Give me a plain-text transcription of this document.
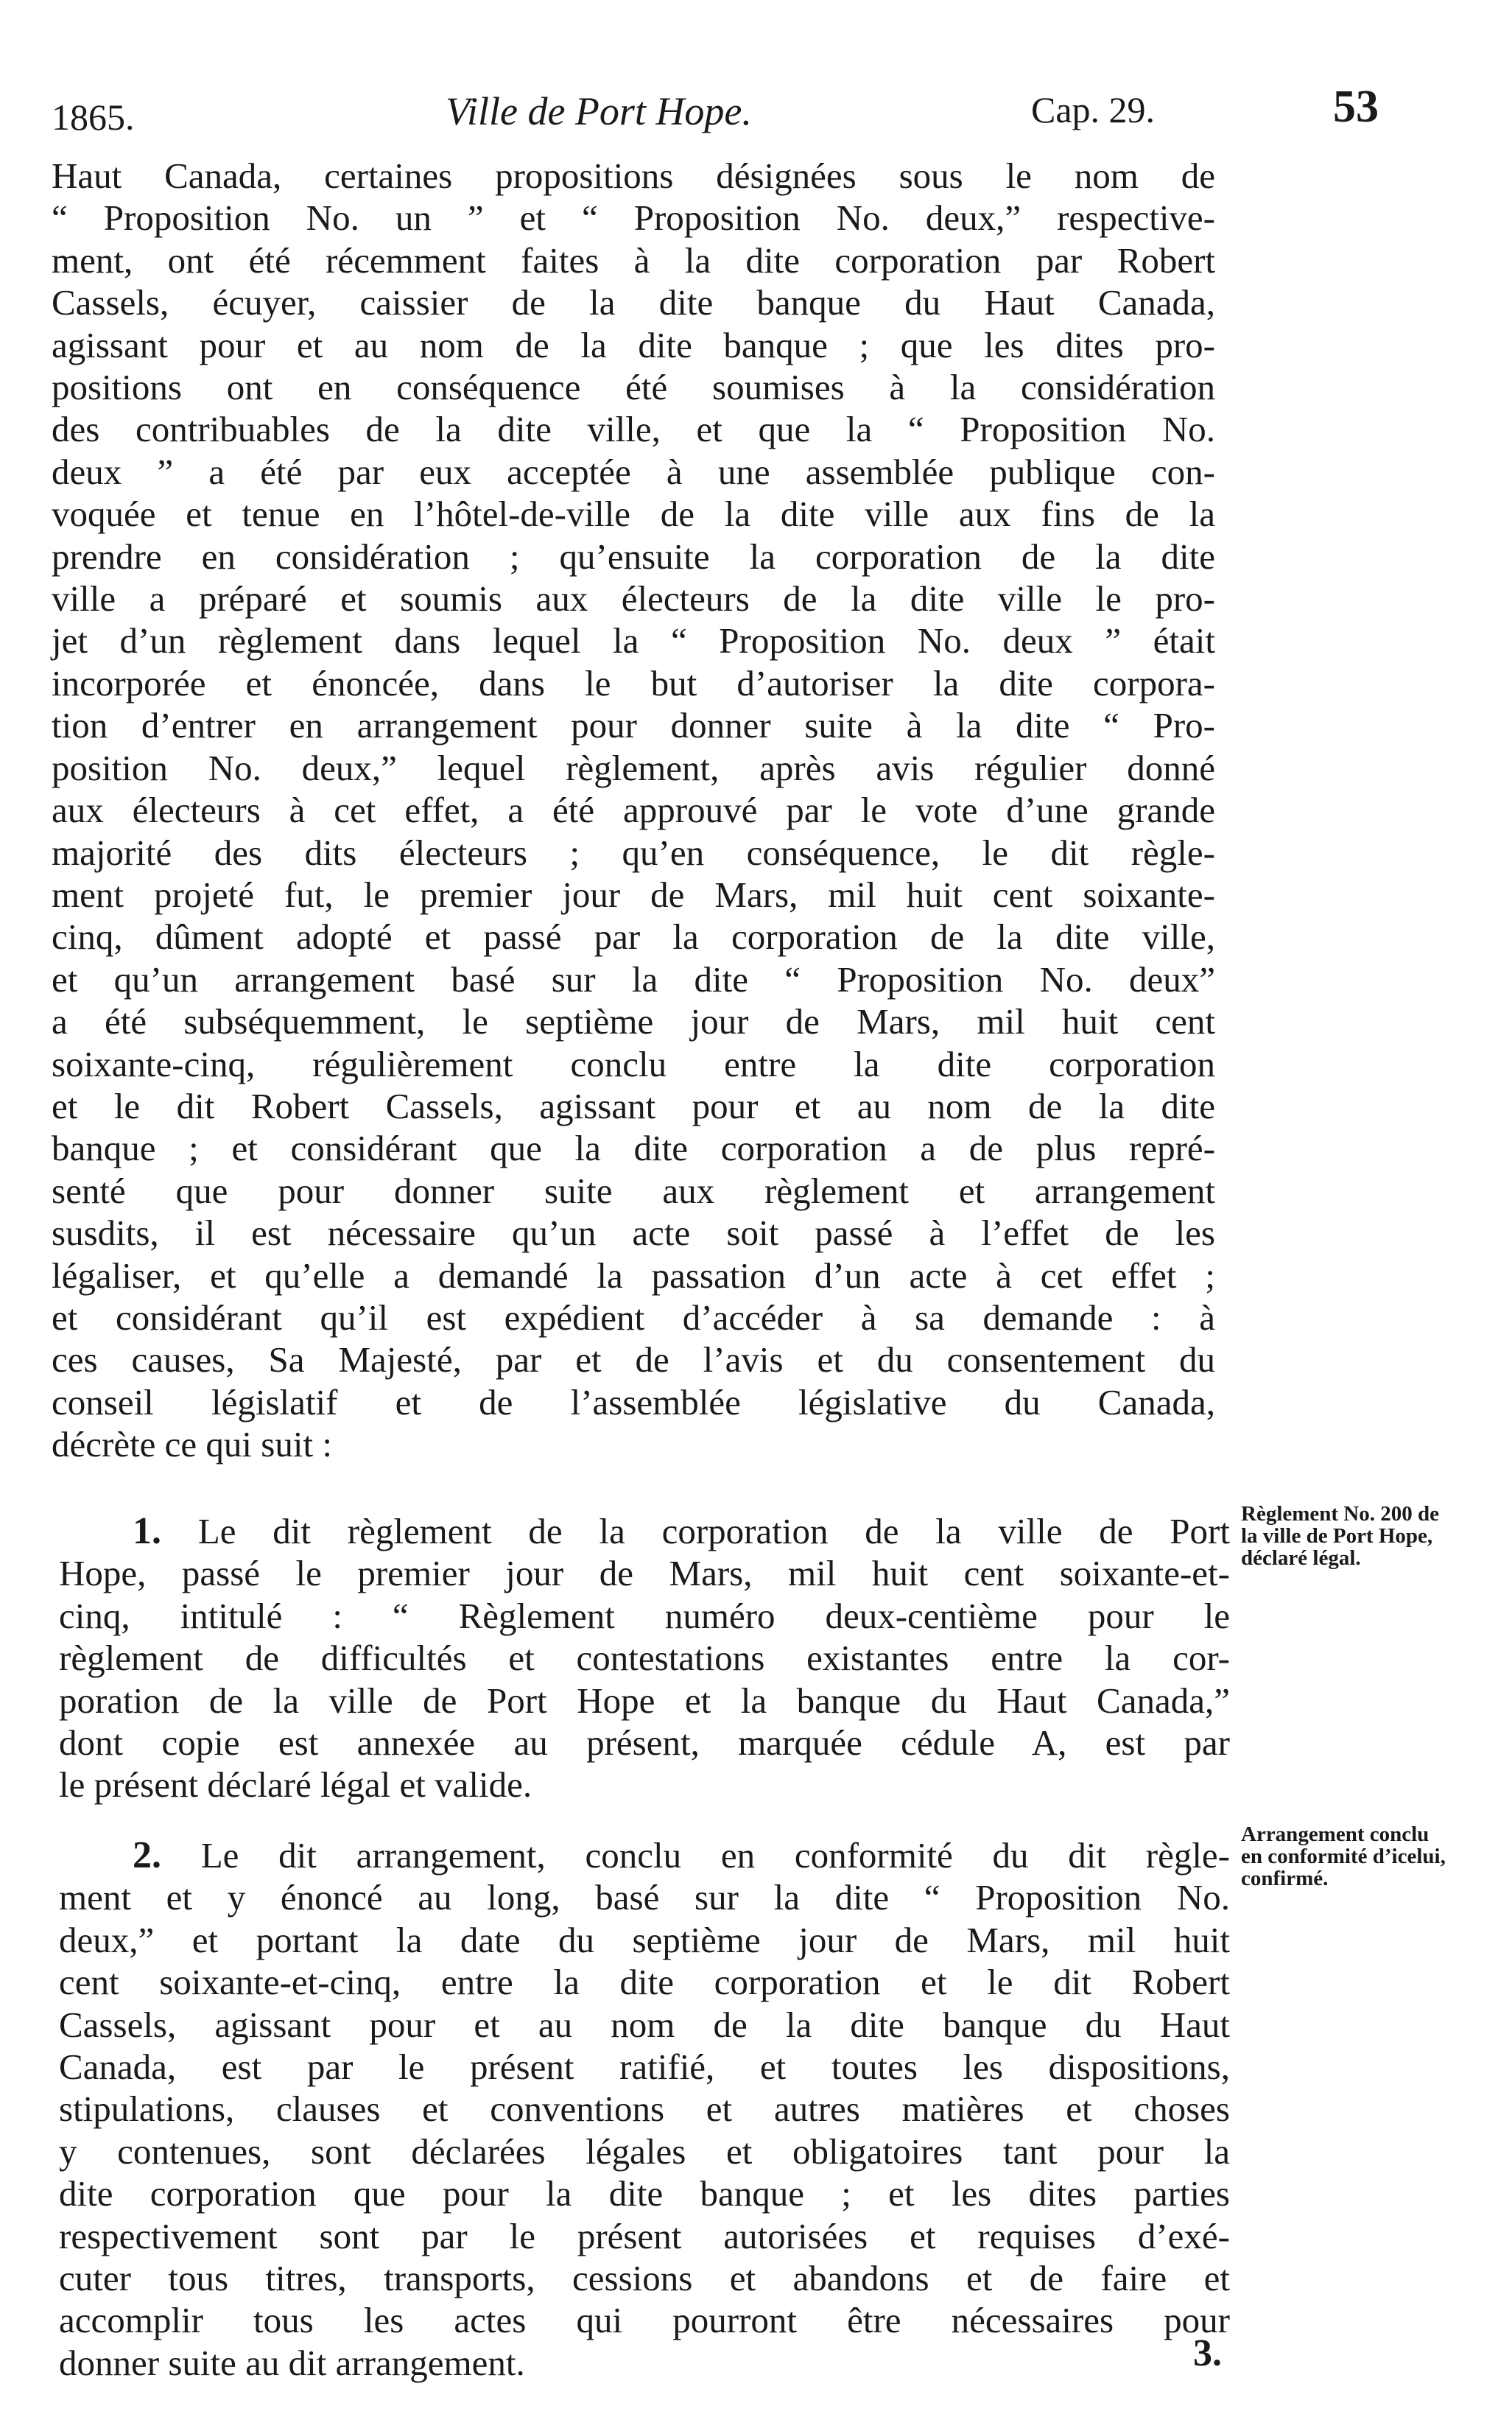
1865.	Ville de Port Hope.	Cap. 29.	53
Haut Canada, certaines propositions désignées sous le nom de
“ Proposition No. un ” et “ Proposition No. deux,” respective-
ment, ont été récemment faites à la dite corporation par Robert
Cassels, écuyer, caissier de la dite banque du Haut Canada,
agissant pour et au nom de la dite banque ; que les dites pro-
positions ont en conséquence été soumises à la considération
des contribuables de la dite ville, et que la “ Proposition No.
deux ” a été par eux acceptée à une assemblée publique con-
voquée et tenue en l’hôtel-de-ville de la dite ville aux fins de la
prendre en considération ; qu’ensuite la corporation de la dite
ville a préparé et soumis aux électeurs de la dite ville le pro-
jet d’un règlement dans lequel la “ Proposition No. deux ” était
incorporée et énoncée, dans le but d’autoriser la dite corpora-
tion d’entrer en arrangement pour donner suite à la dite “ Pro-
position No. deux,” lequel règlement, après avis régulier donné
aux électeurs à cet effet, a été approuvé par le vote d’une grande
majorité des dits électeurs ; qu’en conséquence, le dit règle-
ment projeté fut, le premier jour de Mars, mil huit cent soixante-
cinq, dûment adopté et passé par la corporation de la dite ville,
et qu’un arrangement basé sur la dite “ Proposition No. deux”
a été subséquemment, le septième jour de Mars, mil huit cent
soixante-cinq, régulièrement conclu entre la dite corporation
et le dit Robert Cassels, agissant pour et au nom de la dite
banque ; et considérant que la dite corporation a de plus repré-
senté que pour donner suite aux règlement et arrangement
susdits, il est nécessaire qu’un acte soit passé à l’effet de les
légaliser, et qu’elle a demandé la passation d’un acte à cet effet ;
et considérant qu’il est expédient d’accéder à sa demande : à
ces causes, Sa Majesté, par et de l’avis et du consentement du
conseil législatif et de l’assemblée législative du Canada,
décrète ce qui suit :
1. Le dit règlement de la corporation de la ville de Port
Hope, passé le premier jour de Mars, mil huit cent soixante-et-
cinq, intitulé : “ Règlement numéro deux-centième pour le
règlement de difficultés et contestations existantes entre la cor-
poration de la ville de Port Hope et la banque du Haut Canada,”
dont copie est annexée au présent, marquée cédule A, est par
le présent déclaré légal et valide.
Règlement No. 200 de la ville de Port Hope, déclaré légal.
2. Le dit arrangement, conclu en conformité du dit règle-
ment et y énoncé au long, basé sur la dite “ Proposition No.
deux,” et portant la date du septième jour de Mars, mil huit
cent soixante-et-cinq, entre la dite corporation et le dit Robert
Cassels, agissant pour et au nom de la dite banque du Haut
Canada, est par le présent ratifié, et toutes les dispositions,
stipulations, clauses et conventions et autres matières et choses
y contenues, sont déclarées légales et obligatoires tant pour la
dite corporation que pour la dite banque ; et les dites parties
respectivement sont par le présent autorisées et requises d’exé-
cuter tous titres, transports, cessions et abandons et de faire et
accomplir tous les actes qui pourront être nécessaires pour
donner suite au dit arrangement.
Arrangement conclu en conformité d’icelui, confirmé.
3.
